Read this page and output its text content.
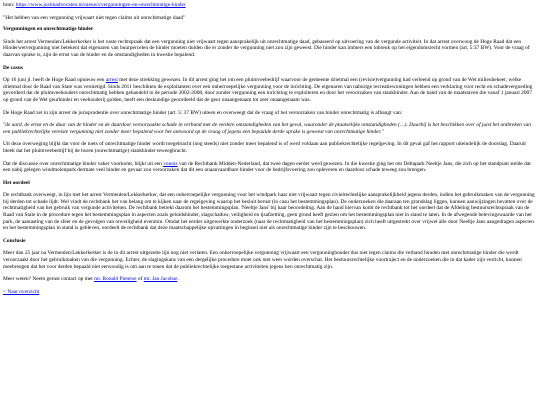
bron: https://www.justinadvocaten.nl/nieuws/vergunningen-en-onrechtmatige-hinder

"Het hebben van een vergunning vrijwaart niet tegen claims uit onrechtmatige daad"

Vergunningen en onrechtmatige hinder

Sinds het arrest Vermeulen/Lekkerkerker is het vaste rechtspraak dat een vergunning niet vrijwaart tegen aansprakelijk uit onrechtmatige daad, gebaseerd op uitvoering van de vergunde activiteit. In dat arrest overwoog de Hoge Raad dat een Hinderwetvergunning niet betekent dat eigenaren van buurpercelen de hinder moeten dulden die er zonder de vergunning niet zou zijn geweest. Die hinder kan immers een inbreuk op het eigendomsrecht vormen (art. 5:37 BW). Voor de vraag of daarvan sprake is, zijn de ernst van de hinder en de omstandigheden in kwestie bepalend.

De casus

Op 16 juni jl. heeft de Hoge Raad opnieuw een arrest met deze strekking gewezen. In dit arrest ging het om een pluimveebedrijf waarvoor de gemeente drietmal een (revisie)vergunning had verleend op grond van de Wet milieubeheer, welke drietmal door de Raad van State was vernietigd. Sinds 2011 beschikten de exploitanten over een onherroepelijke vergunning voor de inrichting. De eigenaren van naburige recreatiewoningen hebben een verklaring voor recht en schadevergoeding gevorderd dat de pluimveehouders onrechtmatig hebben gehandeld in de periode 2002-2008, door zonder vergunning een inrichting te exploiteren en door het veroorzaken van stankhinder. Aan de hand van de maatstaven die vanaf 1 januari 2007 op grond van de Wet geurhinder en veehouderij golden, heeft een deskundige geoordeeld dat de geur onaangenaam tot zeer onaangenaam was.

De Hoge Raad zet in zijn arrest de jurisprudentie over onrechtmatige hinder (art. 5: 37 BW) uiteen en overweegt dat de vraag of het veroorzaken van hinder onrechtmatig is afhangt van:

"de aard, de ernst en de duur van de hinder en de daardoor veroorzaakte schade in verband met de verdere omstandigheden van het geval, waaronder de plaatselijke omstandigheden (…). Daarbij is het beschikken over of juist het ontbreken van een publiekrechtelijke vereiste vergunning niet zonder meer bepalend voor het antwoord op de vraag of jegens een bepaalde derde sprake is geweest van onrechtmatige hinder."

Uit deze overweging blijkt dat voor de toets of onrechtmatige hinder wordt toegebracht (nog steeds) niet zonder meer bepalend is of werd voldaan aan publiekrechtelijke regelgeving. In dit geval gaf het rapport uiteindelijk de doorslag. Daaruit bleek dat het pluimveebedrijf bij de buren (onrechtmatige) stankhinder teweegbracht.

Dat de discussie over onrechtmatige hinder vaker voorkomt, blijkt uit een vonnis van de Rechtbank Midden-Nederland, dat twee dagen eerder werd gewezen. In die kwestie ging het om Deltapark Neeltje Jans, die zich op het standpunt stelde dat een nabij gelegen windmolenpark dermate veel hinder en gevaar zou veroorzaken dat dit een onaanvaardbare hinder voor de bedrijfsvoering zou opleveren en daardoor schade teweeg zou brengen.

Het oordeel

De rechtbank overweegt, in lijn met het arrest Vermeulen/Lekkerkerker, dat een onherroepelijke vergunning voor het windpark haar niet vrijwaart tegen civielrechtelijke aansprakelijkheid jegens derden, indien het gebruikmaken van de vergunning bij derden tot schade lijdt. Wel vindt de rechtbank het van belang om te kijken naar de regelgeving waarop het besluit berust (in casu het bestemmingsplan). De onderzoeken die daaraan ten grondslag liggen, kunnen aanwijzingen bevatten over de rechtmatigheid van het gebruik van vergunde activiteiten. De rechtbank betrekt daarom het bestemmingsplan. 'Neeltje Jans' bij haar beoordeling. Aan de hand hiervan komt de rechtbank tot het oordeel dat de Afdeling bestuursrechtspraak van de Raad van State in de procedure tegen het bestemmingsplan in aspecten zoals geluidshinder, slagschaduw, veiligheid en ijsafzetting, geen grond heeft gezien om het bestemmingsplan niet in stand te laten. In de afwegende belevingswaarde van het park, de aantasting van de sfeer en de gevolgen van onveiligheid evenmin. Omdat het eerder uitgewerkte onderzoek (naar de rechtmatigheid van het bestemmingsplan) zich heeft uitgestrekt over vrijwel alle door Neeltje Jans aangedragen aspecten en het bestemmingsplan in stand is gebleven, oordeelt de rechtbank dat deze maatschappelijke opvattingen in beginsel niet als onrechtmatige hinder zijn te beschouwen.

Conclusie

Meer dan 25 jaar na Vermeulen/Lekkerkerker is de in dit arrest uitgezette lijn nog niet verlaten. Een onherroepelijke vergunning vrijwaart een vergunninghouder dus niet tegen claims die verband houden met onrechtmatige hinder die wordt veroorzaakt door het gebruikmaken van die vergunning. Echter, de slagingskans van een dergelijke procedure moet ook niet weer worden overschat. Het bestuursrechtelijke voortraject en de onderzoeken die in dat kader zijn verricht, kunnen meebrengen dat het voor derden bepaald niet eenvoudig is om aan te tonen dat de publiekrechtelijke toegestane activiteiten jegens hen onrechtmatig zijn.

Meer weten? Neem gerust contact op met mr. Ronald Pieterse of mr. Jan Jacobse.

< Naar overzicht
